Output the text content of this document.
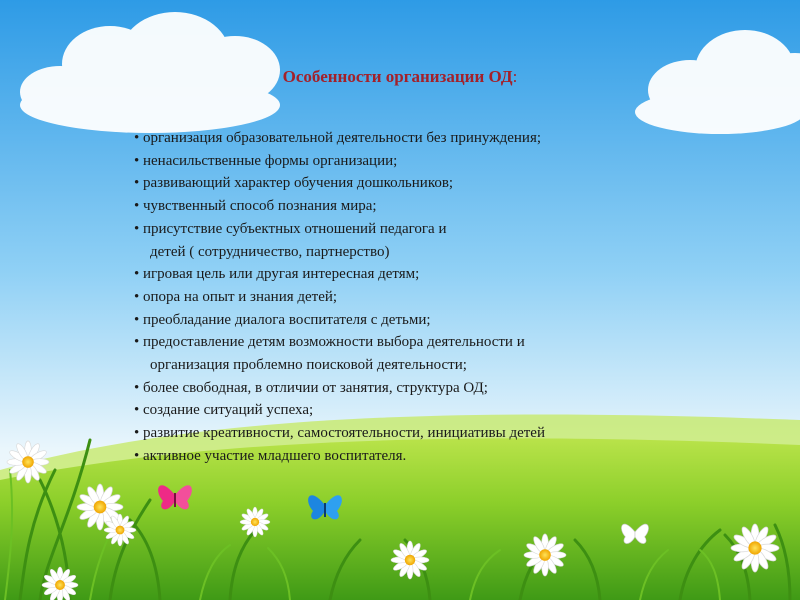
Особенности организации ОД:
• организация образовательной деятельности без принуждения;
• ненасильственные формы организации;
• развивающий характер обучения дошкольников;
• чувственный способ познания мира;
• присутствие субъектных отношений педагога и
детей ( сотрудничество, партнерство)
• игровая цель или другая интересная детям;
• опора на опыт и знания детей;
• преобладание диалога воспитателя с детьми;
• предоставление детям возможности выбора деятельности и
организация проблемно поисковой деятельности;
• более свободная, в отличии от занятия, структура ОД;
• создание ситуаций успеха;
• развитие креативности, самостоятельности, инициативы детей
• активное участие младшего воспитателя.
